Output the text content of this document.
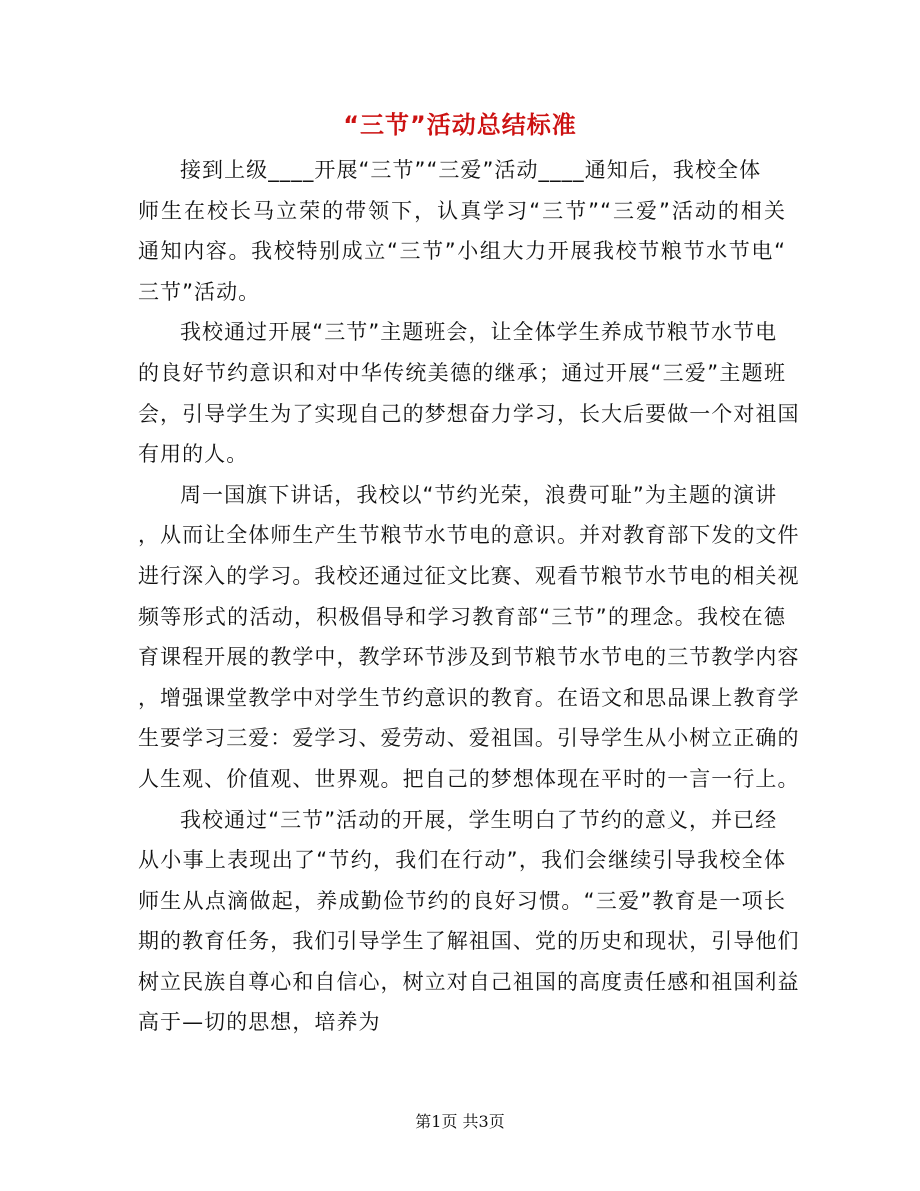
“三节”活动总结标准
接到上级____开展“三节”“三爱”活动____通知后，我校全体
师生在校长马立荣的带领下，认真学习“三节”“三爱”活动的相关
通知内容。我校特别成立“三节”小组大力开展我校节粮节水节电“
三节”活动。
我校通过开展“三节”主题班会，让全体学生养成节粮节水节电
的良好节约意识和对中华传统美德的继承；通过开展“三爱”主题班
会，引导学生为了实现自己的梦想奋力学习，长大后要做一个对祖国
有用的人。
周一国旗下讲话，我校以“节约光荣，浪费可耻”为主题的演讲
，从而让全体师生产生节粮节水节电的意识。并对教育部下发的文件
进行深入的学习。我校还通过征文比赛、观看节粮节水节电的相关视
频等形式的活动，积极倡导和学习教育部“三节”的理念。我校在德
育课程开展的教学中，教学环节涉及到节粮节水节电的三节教学内容
，增强课堂教学中对学生节约意识的教育。在语文和思品课上教育学
生要学习三爱：爱学习、爱劳动、爱祖国。引导学生从小树立正确的
人生观、价值观、世界观。把自己的梦想体现在平时的一言一行上。
我校通过“三节”活动的开展，学生明白了节约的意义，并已经
从小事上表现出了“节约，我们在行动”，我们会继续引导我校全体
师生从点滴做起，养成勤俭节约的良好习惯。“三爱”教育是一项长
期的教育任务，我们引导学生了解祖国、党的历史和现状，引导他们
树立民族自尊心和自信心，树立对自己祖国的高度责任感和祖国利益
高于—切的思想，培养为
第1页 共3页
